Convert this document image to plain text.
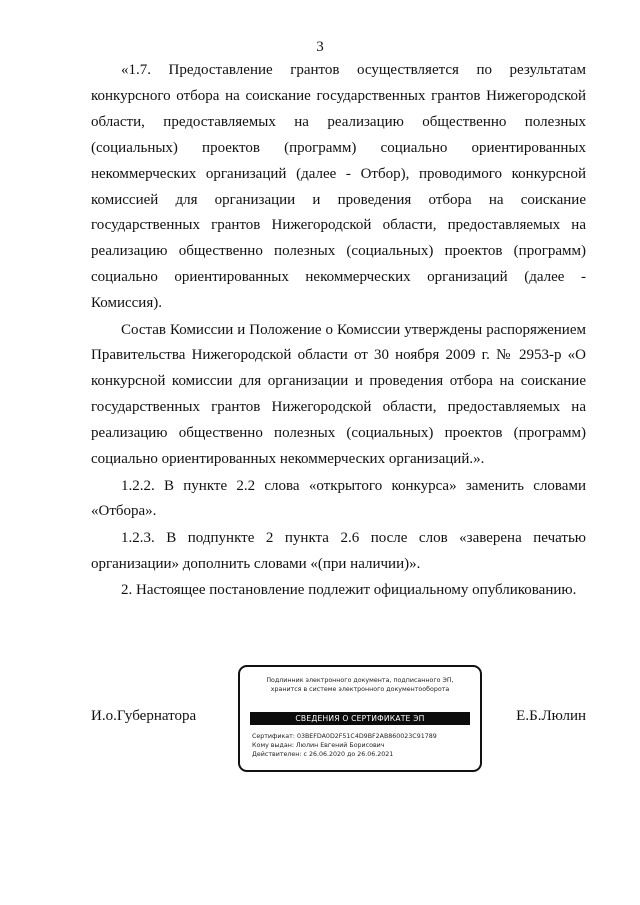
3

«1.7. Предоставление грантов осуществляется по результатам конкурсного отбора на соискание государственных грантов Нижегородской области, предоставляемых на реализацию общественно полезных (социальных) проектов (программ) социально ориентированных некоммерческих организаций (далее - Отбор), проводимого конкурсной комиссией для организации и проведения отбора на соискание государственных грантов Нижегородской области, предоставляемых на реализацию общественно полезных (социальных) проектов (программ) социально ориентированных некоммерческих организаций (далее - Комиссия).

Состав Комиссии и Положение о Комиссии утверждены распоряжением Правительства Нижегородской области от 30 ноября 2009 г. № 2953-р «О конкурсной комиссии для организации и проведения отбора на соискание государственных грантов Нижегородской области, предоставляемых на реализацию общественно полезных (социальных) проектов (программ) социально ориентированных некоммерческих организаций.».

1.2.2. В пункте 2.2 слова «открытого конкурса» заменить словами «Отбора».

1.2.3. В подпункте 2 пункта 2.6 после слов «заверена печатью организации» дополнить словами «(при наличии)».

2. Настоящее постановление подлежит официальному опубликованию.

И.о.Губернатора	Е.Б.Люлин
Подлинник электронного документа, подписанного ЭП,
хранится в системе электронного документооборота
СВЕДЕНИЯ О СЕРТИФИКАТЕ ЭП
Сертификат: 03BEFDA0D2F51C4D9BF2AB860023C91789
Кому выдан: Люлин Евгений Борисович
Действителен: с 26.06.2020 до 26.06.2021
